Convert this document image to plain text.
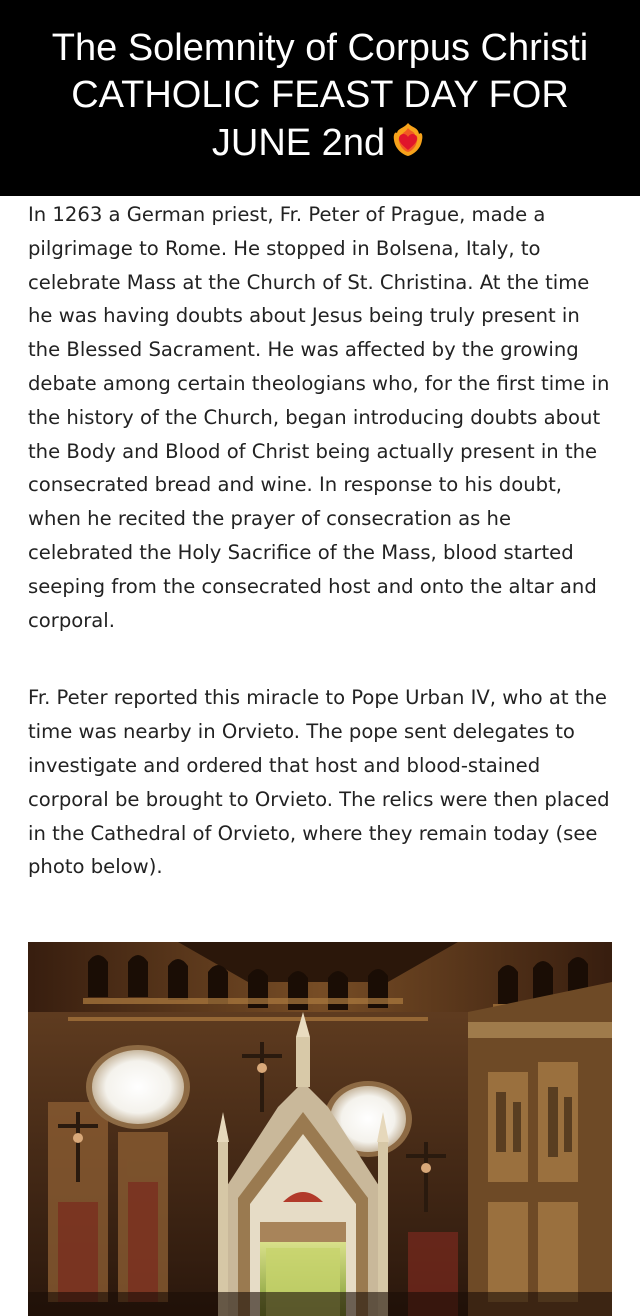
The Solemnity of Corpus Christi CATHOLIC FEAST DAY FOR JUNE 2nd

In 1263 a German priest, Fr. Peter of Prague, made a pilgrimage to Rome. He stopped in Bolsena, Italy, to celebrate Mass at the Church of St. Christina. At the time he was having doubts about Jesus being truly present in the Blessed Sacrament. He was affected by the growing debate among certain theologians who, for the first time in the history of the Church, began introducing doubts about the Body and Blood of Christ being actually present in the consecrated bread and wine. In response to his doubt, when he recited the prayer of consecration as he celebrated the Holy Sacrifice of the Mass, blood started seeping from the consecrated host and onto the altar and corporal.

Fr. Peter reported this miracle to Pope Urban IV, who at the time was nearby in Orvieto. The pope sent delegates to investigate and ordered that host and blood-stained corporal be brought to Orvieto. The relics were then placed in the Cathedral of Orvieto, where they remain today (see photo below).
